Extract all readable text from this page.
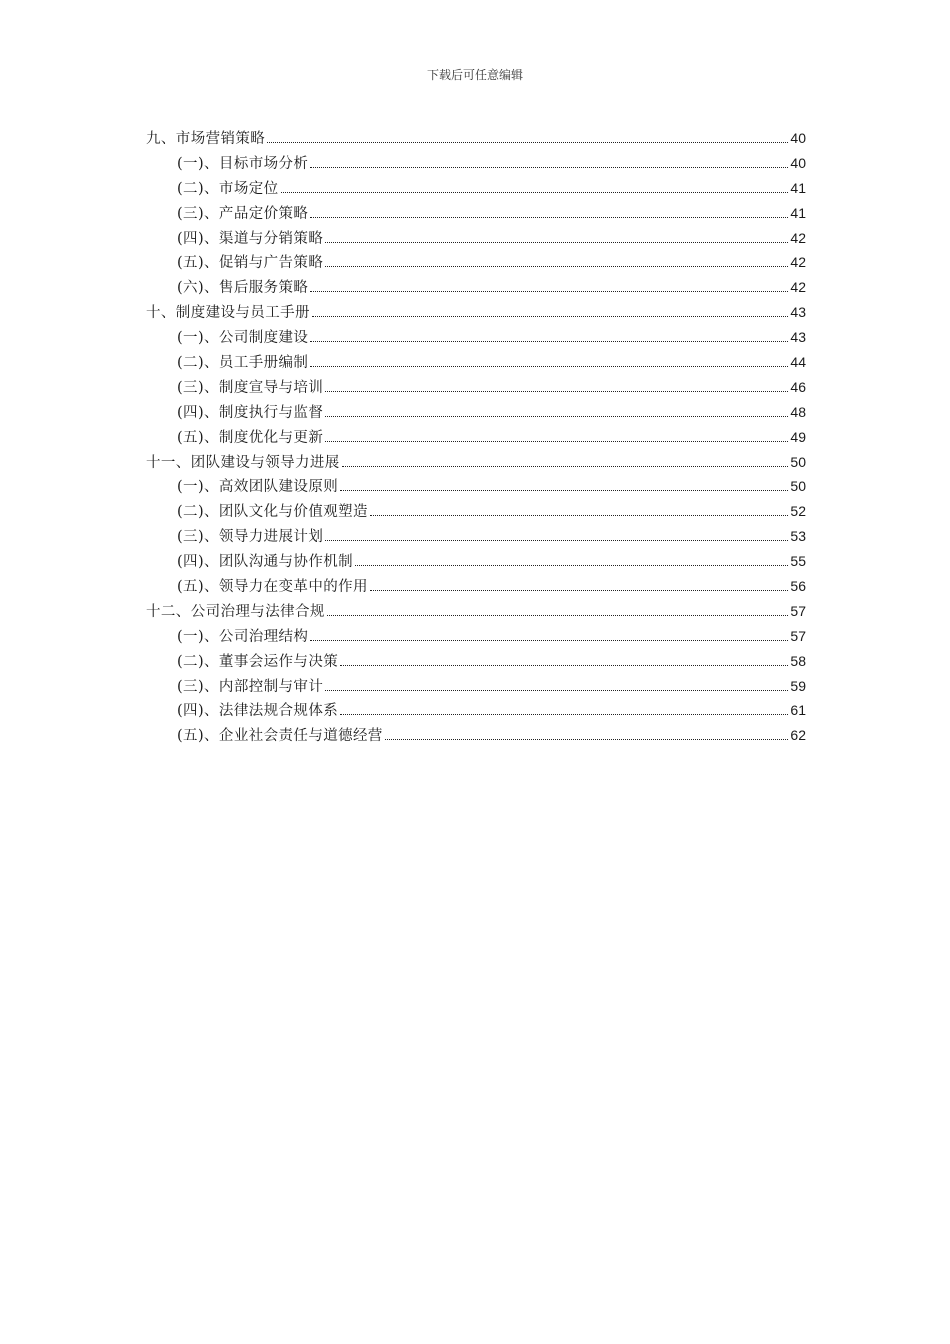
下载后可任意编辑
九、市场营销策略	40
(一)、目标市场分析	40
(二)、市场定位	41
(三)、产品定价策略	41
(四)、渠道与分销策略	42
(五)、促销与广告策略	42
(六)、售后服务策略	42
十、制度建设与员工手册	43
(一)、公司制度建设	43
(二)、员工手册编制	44
(三)、制度宣导与培训	46
(四)、制度执行与监督	48
(五)、制度优化与更新	49
十一、团队建设与领导力进展	50
(一)、高效团队建设原则	50
(二)、团队文化与价值观塑造	52
(三)、领导力进展计划	53
(四)、团队沟通与协作机制	55
(五)、领导力在变革中的作用	56
十二、公司治理与法律合规	57
(一)、公司治理结构	57
(二)、董事会运作与决策	58
(三)、内部控制与审计	59
(四)、法律法规合规体系	61
(五)、企业社会责任与道德经营	62
